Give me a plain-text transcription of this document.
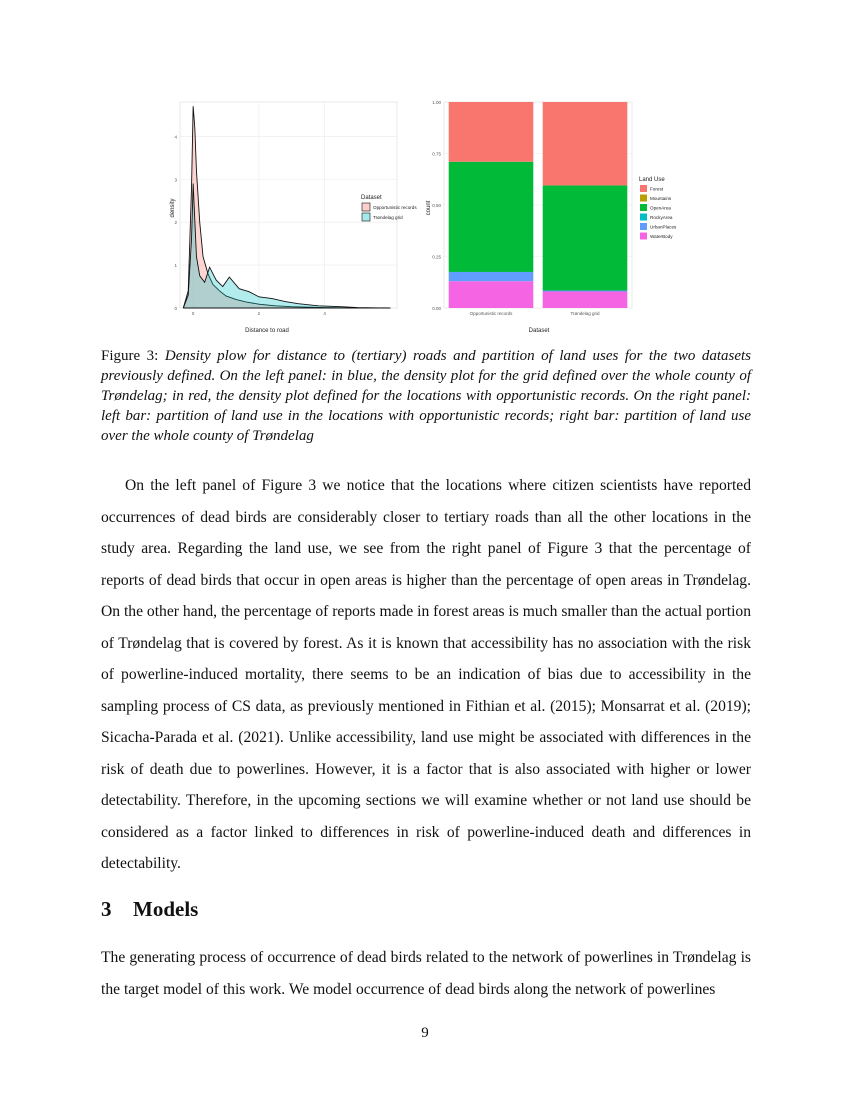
0
1
2
3
4
0	2	4
Distance to road
density
Dataset
Opportunistic records
Trøndelag grid
0.00
0.25
0.50
0.75
1.00
Opportunistic records	Trøndelag grid
Dataset
count
Land Use
Forest
Mountains
OpenArea
RockyArea
UrbanPlaces
WaterBody
Figure 3: Density plow for distance to (tertiary) roads and partition of land uses for the two datasets previously defined. On the left panel: in blue, the density plot for the grid defined over the whole county of Trøndelag; in red, the density plot defined for the locations with opportunistic records. On the right panel: left bar: partition of land use in the locations with opportunistic records; right bar: partition of land use over the whole county of Trøndelag

On the left panel of Figure 3 we notice that the locations where citizen scientists have reported occurrences of dead birds are considerably closer to tertiary roads than all the other locations in the study area. Regarding the land use, we see from the right panel of Figure 3 that the percentage of reports of dead birds that occur in open areas is higher than the percentage of open areas in Trøndelag. On the other hand, the percentage of reports made in forest areas is much smaller than the actual portion of Trøndelag that is covered by forest. As it is known that accessibility has no association with the risk of powerline-induced mortality, there seems to be an indication of bias due to accessibility in the sampling process of CS data, as previously mentioned in Fithian et al. (2015); Monsarrat et al. (2019); Sicacha-Parada et al. (2021). Unlike accessibility, land use might be associated with differences in the risk of death due to powerlines. However, it is a factor that is also associated with higher or lower detectability. Therefore, in the upcoming sections we will examine whether or not land use should be considered as a factor linked to differences in risk of powerline-induced death and differences in detectability.

3 Models

The generating process of occurrence of dead birds related to the network of powerlines in Trøndelag is the target model of this work. We model occurrence of dead birds along the network of powerlines

9
